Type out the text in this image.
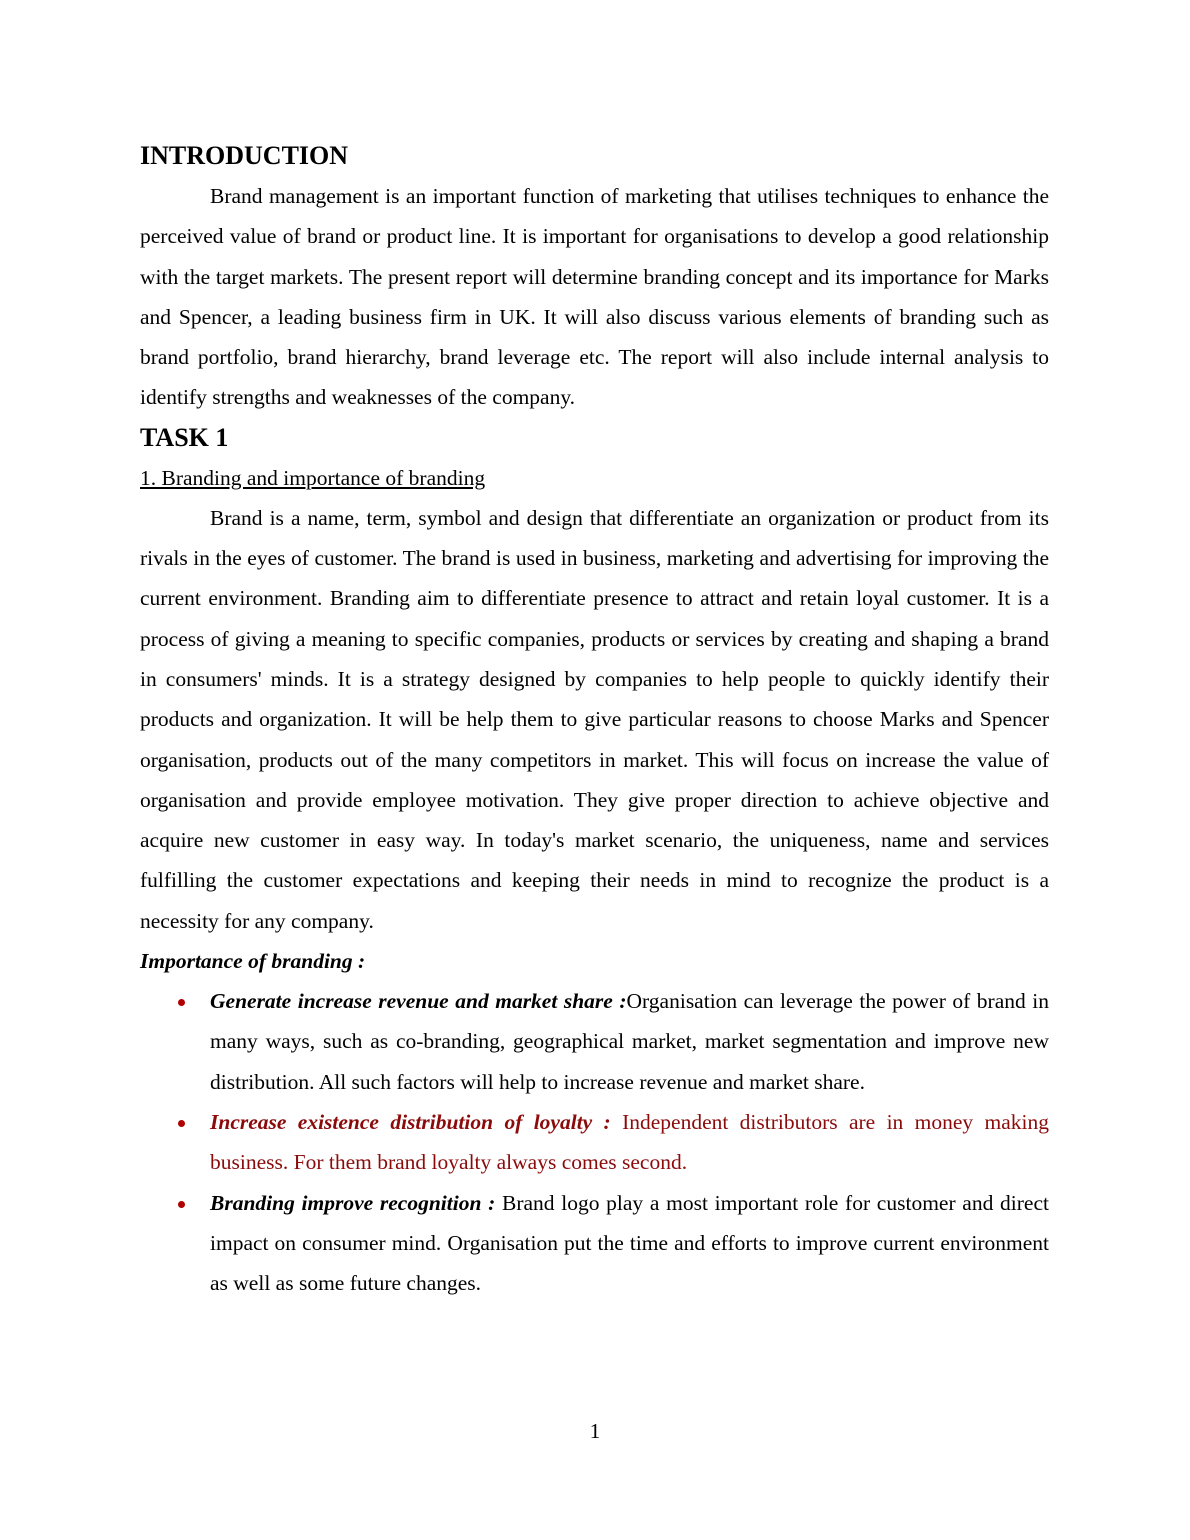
INTRODUCTION

Brand management is an important function of marketing that utilises techniques to enhance the perceived value of brand or product line. It is important for organisations to develop a good relationship with the target markets. The present report will determine branding concept and its importance for Marks and Spencer, a leading business firm in UK. It will also discuss various elements of branding such as brand portfolio, brand hierarchy, brand leverage etc. The report will also include internal analysis to identify strengths and weaknesses of the company.

TASK 1

1. Branding and importance of branding

Brand is a name, term, symbol and design that differentiate an organization or product from its rivals in the eyes of customer. The brand is used in business, marketing and advertising for improving the current environment. Branding aim to differentiate presence to attract and retain loyal customer. It is a process of giving a meaning to specific companies, products or services by creating and shaping a brand in consumers' minds. It is a strategy designed by companies to help people to quickly identify their products and organization. It will be help them to give particular reasons to choose Marks and Spencer organisation, products out of the many competitors in market. This will focus on increase the value of organisation and provide employee motivation. They give proper direction to achieve objective and acquire new customer in easy way. In today's market scenario, the uniqueness, name and services fulfilling the customer expectations and keeping their needs in mind to recognize the product is a necessity for any company.

Importance of branding :

Generate increase revenue and market share :Organisation can leverage the power of brand in many ways, such as co-branding, geographical market, market segmentation and improve new distribution. All such factors will help to increase revenue and market share.
Increase existence distribution of loyalty : Independent distributors are in money making business. For them brand loyalty always comes second.
Branding improve recognition : Brand logo play a most important role for customer and direct impact on consumer mind. Organisation put the time and efforts to improve current environment as well as some future changes.
1
